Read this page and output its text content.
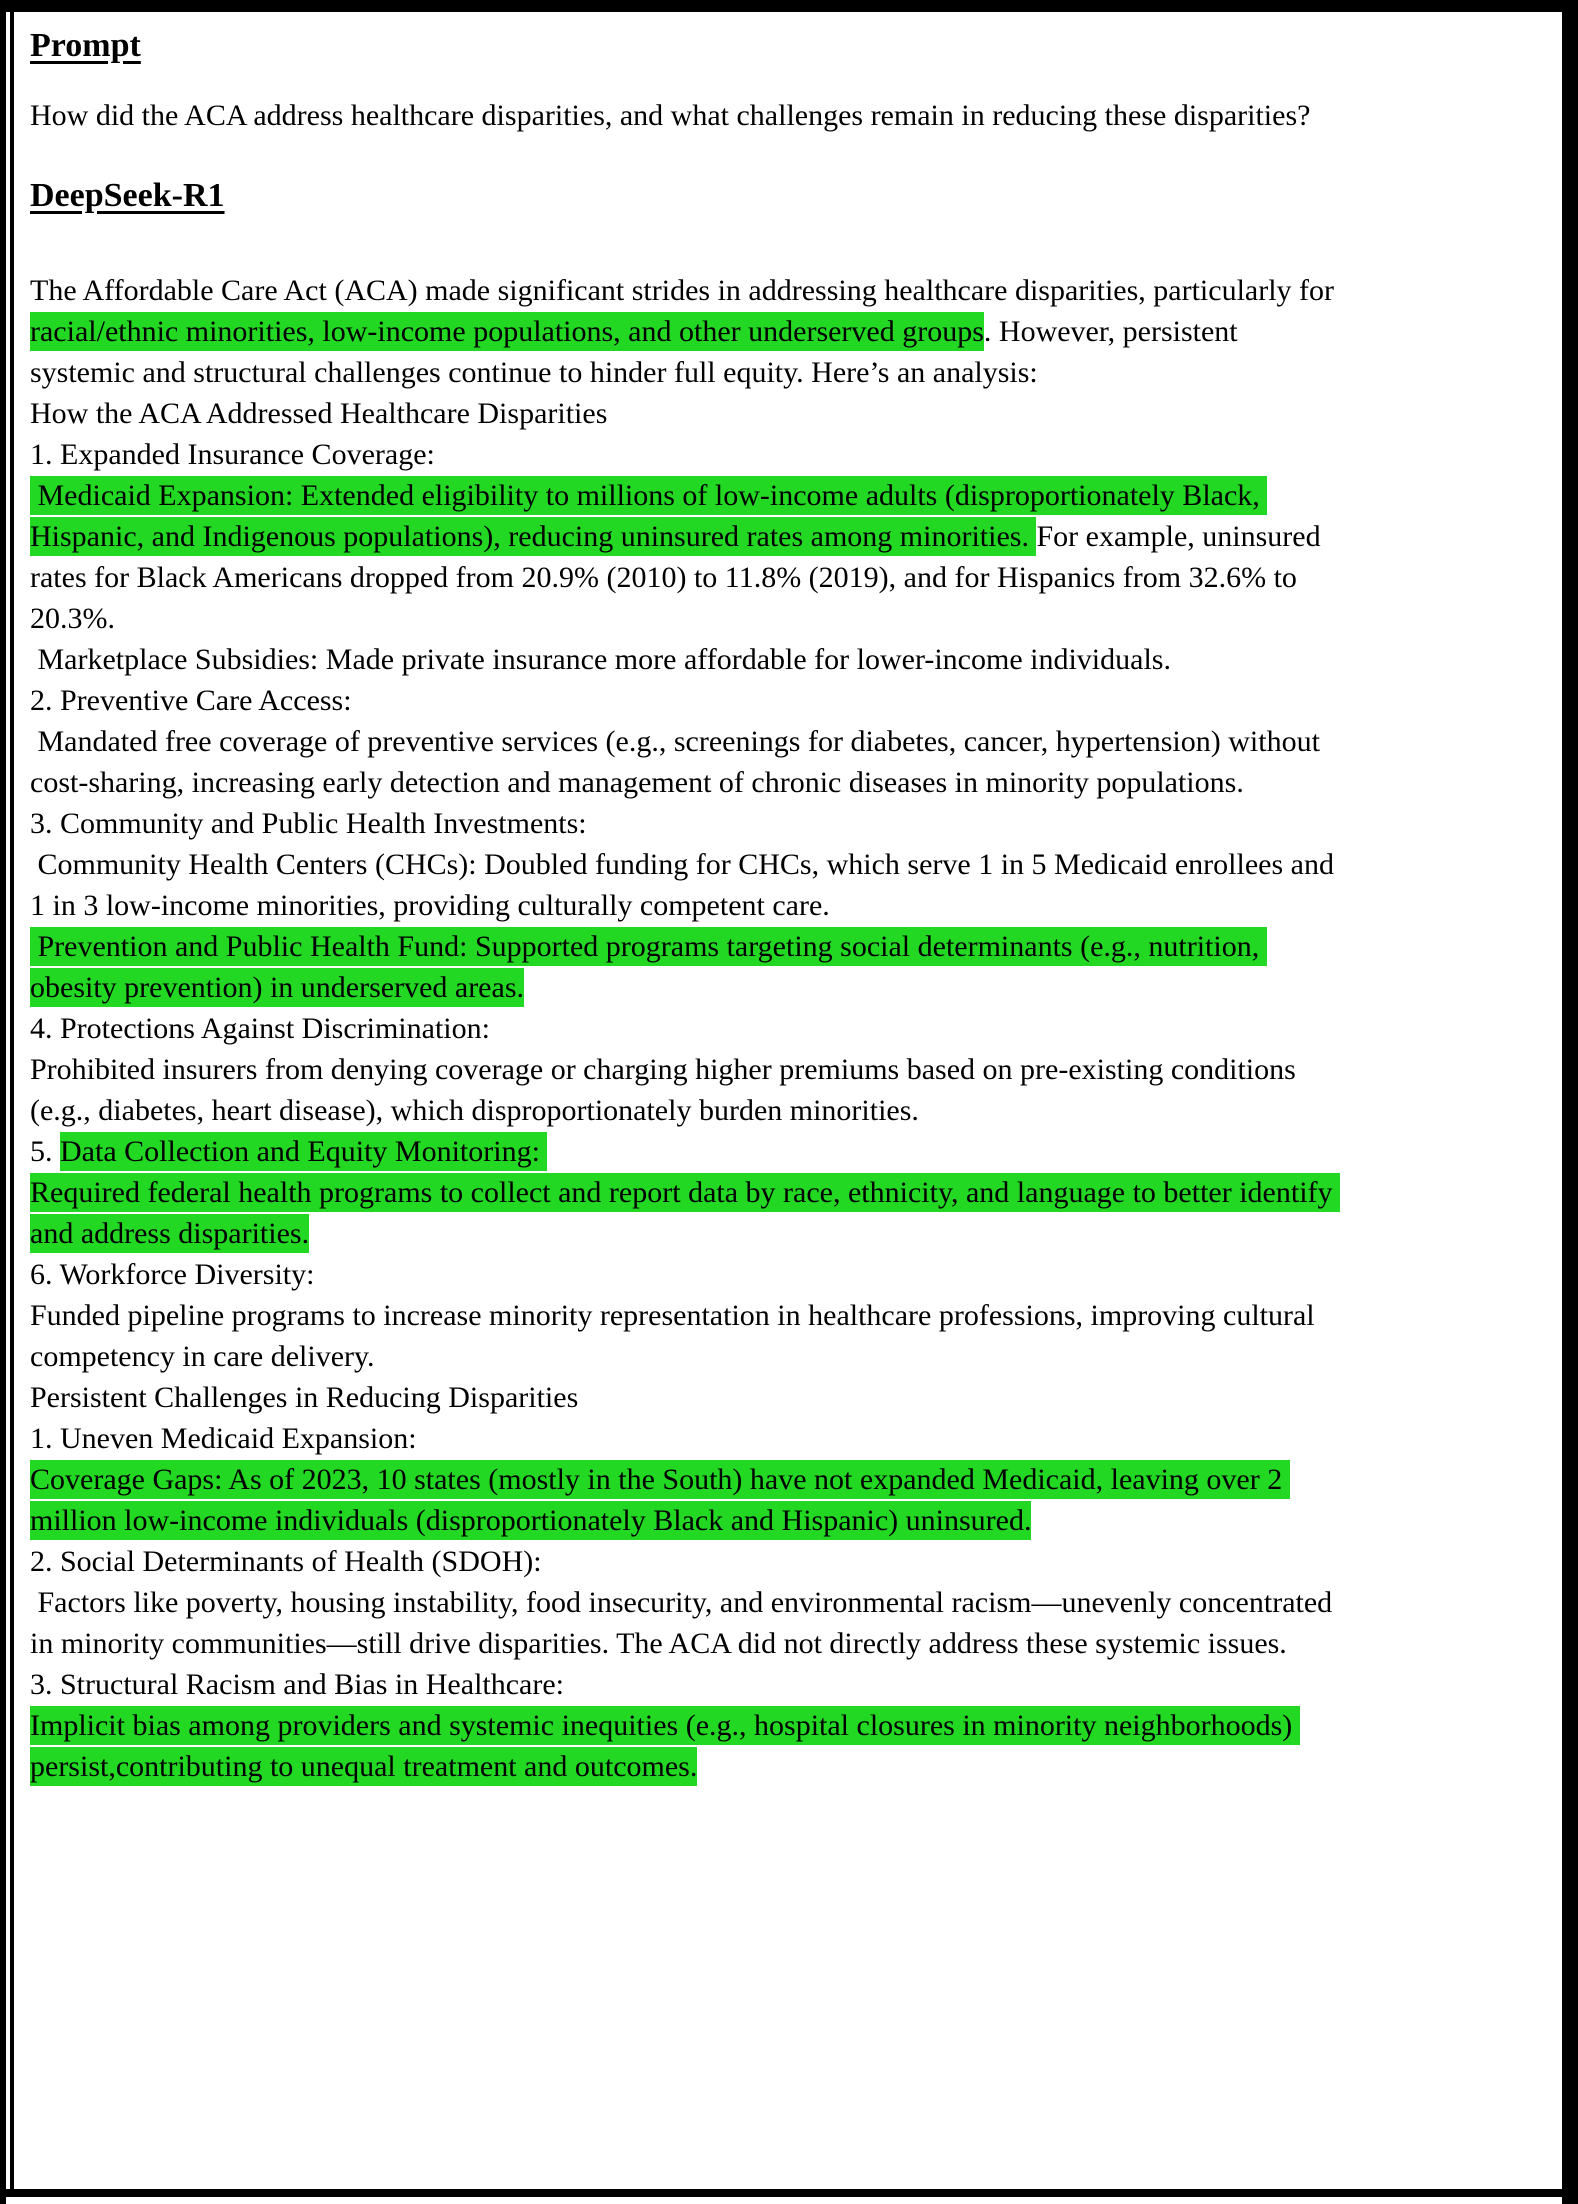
Prompt

How did the ACA address healthcare disparities, and what challenges remain in reducing these disparities?

DeepSeek-R1
The Affordable Care Act (ACA) made significant strides in addressing healthcare disparities, particularly for
racial/ethnic minorities, low-income populations, and other underserved groups. However, persistent
systemic and structural challenges continue to hinder full equity. Here’s an analysis:
How the ACA Addressed Healthcare Disparities
1. Expanded Insurance Coverage:
Medicaid Expansion: Extended eligibility to millions of low-income adults (disproportionately Black,
Hispanic, and Indigenous populations), reducing uninsured rates among minorities. For example, uninsured
rates for Black Americans dropped from 20.9% (2010) to 11.8% (2019), and for Hispanics from 32.6% to
20.3%.
Marketplace Subsidies: Made private insurance more affordable for lower-income individuals.
2. Preventive Care Access:
Mandated free coverage of preventive services (e.g., screenings for diabetes, cancer, hypertension) without
cost-sharing, increasing early detection and management of chronic diseases in minority populations.
3. Community and Public Health Investments:
Community Health Centers (CHCs): Doubled funding for CHCs, which serve 1 in 5 Medicaid enrollees and
1 in 3 low-income minorities, providing culturally competent care.
Prevention and Public Health Fund: Supported programs targeting social determinants (e.g., nutrition,
obesity prevention) in underserved areas.
4. Protections Against Discrimination:
Prohibited insurers from denying coverage or charging higher premiums based on pre-existing conditions
(e.g., diabetes, heart disease), which disproportionately burden minorities.
5. Data Collection and Equity Monitoring:
Required federal health programs to collect and report data by race, ethnicity, and language to better identify
and address disparities.
6. Workforce Diversity:
Funded pipeline programs to increase minority representation in healthcare professions, improving cultural
competency in care delivery.
Persistent Challenges in Reducing Disparities
1. Uneven Medicaid Expansion:
Coverage Gaps: As of 2023, 10 states (mostly in the South) have not expanded Medicaid, leaving over 2
million low-income individuals (disproportionately Black and Hispanic) uninsured.
2. Social Determinants of Health (SDOH):
Factors like poverty, housing instability, food insecurity, and environmental racism—unevenly concentrated
in minority communities—still drive disparities. The ACA did not directly address these systemic issues.
3. Structural Racism and Bias in Healthcare:
Implicit bias among providers and systemic inequities (e.g., hospital closures in minority neighborhoods)
persist,contributing to unequal treatment and outcomes.
